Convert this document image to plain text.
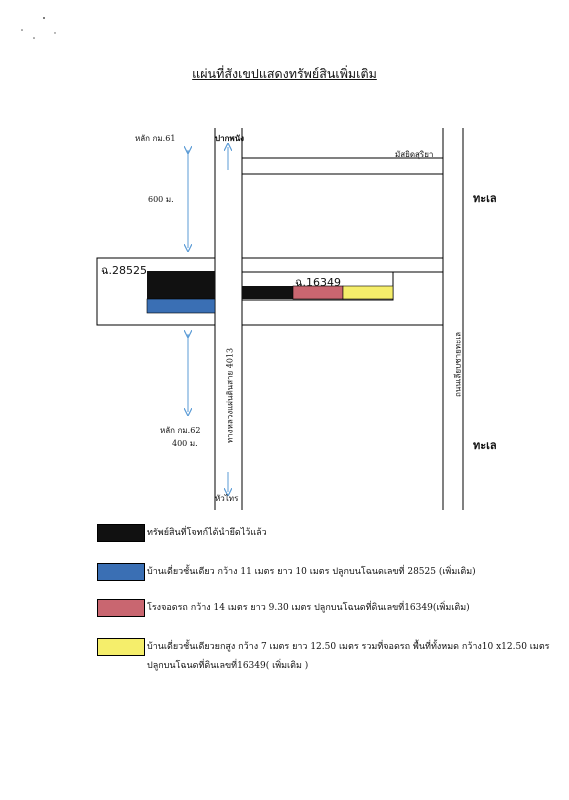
แผ่นที่สังเขปแสดงทรัพย์สินเพิ่มเติม
หลัก กม.61	ปากพนัง
มัสยิดสุริยา
600 ม.	ทะเล
ฉ.28525
ฉ.16349
ทางหลวงแผ่นดินสาย 4013	ถนนเลียบชายทะเล
หลัก กม.62
400 ม.	ทะเล
หัวไทร
ทรัพย์สินที่โจทก์ได้นำยึดไว้แล้ว
บ้านเดี่ยวชั้นเดียว กว้าง 11 เมตร ยาว 10 เมตร ปลูกบนโฉนดเลขที่ 28525 (เพิ่มเติม)
โรงจอดรถ กว้าง 14 เมตร ยาว 9.30 เมตร ปลูกบนโฉนดที่ดินเลขที่16349(เพิ่มเติม)
บ้านเดี่ยวชั้นเดียวยกสูง กว้าง 7 เมตร ยาว 12.50 เมตร รวมที่จอดรถ พื้นที่ทั้งหมด กว้าง10 x12.50 เมตร
ปลูกบนโฉนดที่ดินเลขที่16349( เพิ่มเติม )
